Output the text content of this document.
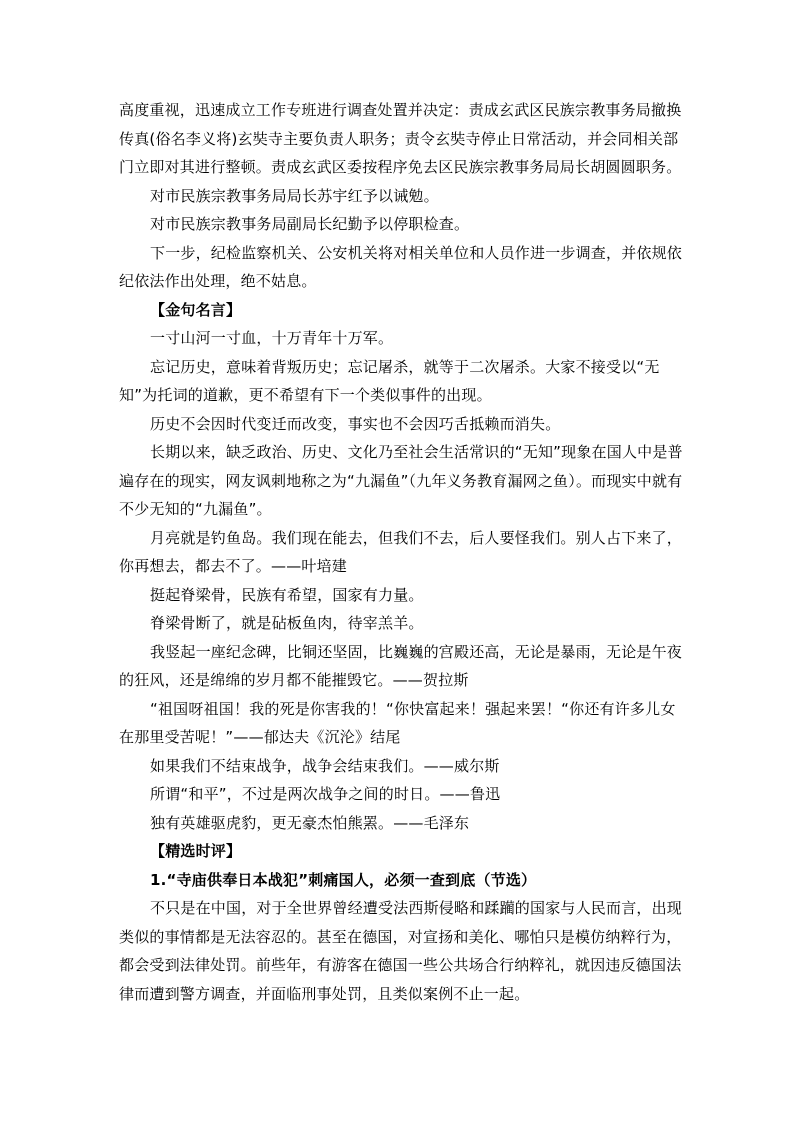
高度重视，迅速成立工作专班进行调查处置并决定：责成玄武区民族宗教事务局撤换传真(俗名李义将)玄奘寺主要负责人职务；责令玄奘寺停止日常活动，并会同相关部门立即对其进行整顿。责成玄武区委按程序免去区民族宗教事务局局长胡圆圆职务。

对市民族宗教事务局局长苏宇红予以诫勉。

对市民族宗教事务局副局长纪勤予以停职检查。

下一步，纪检监察机关、公安机关将对相关单位和人员作进一步调查，并依规依纪依法作出处理，绝不姑息。

【金句名言】

一寸山河一寸血，十万青年十万军。

忘记历史，意味着背叛历史；忘记屠杀，就等于二次屠杀。大家不接受以“无知”为托词的道歉，更不希望有下一个类似事件的出现。

历史不会因时代变迁而改变，事实也不会因巧舌抵赖而消失。

长期以来，缺乏政治、历史、文化乃至社会生活常识的“无知”现象在国人中是普遍存在的现实，网友讽刺地称之为“九漏鱼”（九年义务教育漏网之鱼）。而现实中就有不少无知的“九漏鱼”。

月亮就是钓鱼岛。我们现在能去，但我们不去，后人要怪我们。别人占下来了，你再想去，都去不了。——叶培建

挺起脊梁骨，民族有希望，国家有力量。

脊梁骨断了，就是砧板鱼肉，待宰羔羊。

我竖起一座纪念碑，比铜还坚固，比巍巍的宫殿还高，无论是暴雨，无论是午夜的狂风，还是绵绵的岁月都不能摧毁它。——贺拉斯

“祖国呀祖国！我的死是你害我的！“你快富起来！强起来罢！“你还有许多儿女在那里受苦呢！”——郁达夫《沉沦》结尾

如果我们不结束战争，战争会结束我们。——威尔斯

所谓“和平”，不过是两次战争之间的时日。——鲁迅

独有英雄驱虎豹，更无豪杰怕熊罴。——毛泽东

【精选时评】

1.“寺庙供奉日本战犯”刺痛国人，必须一查到底（节选）

不只是在中国，对于全世界曾经遭受法西斯侵略和蹂躏的国家与人民而言，出现类似的事情都是无法容忍的。甚至在德国，对宣扬和美化、哪怕只是模仿纳粹行为，都会受到法律处罚。前些年，有游客在德国一些公共场合行纳粹礼，就因违反德国法律而遭到警方调查，并面临刑事处罚，且类似案例不止一起。
